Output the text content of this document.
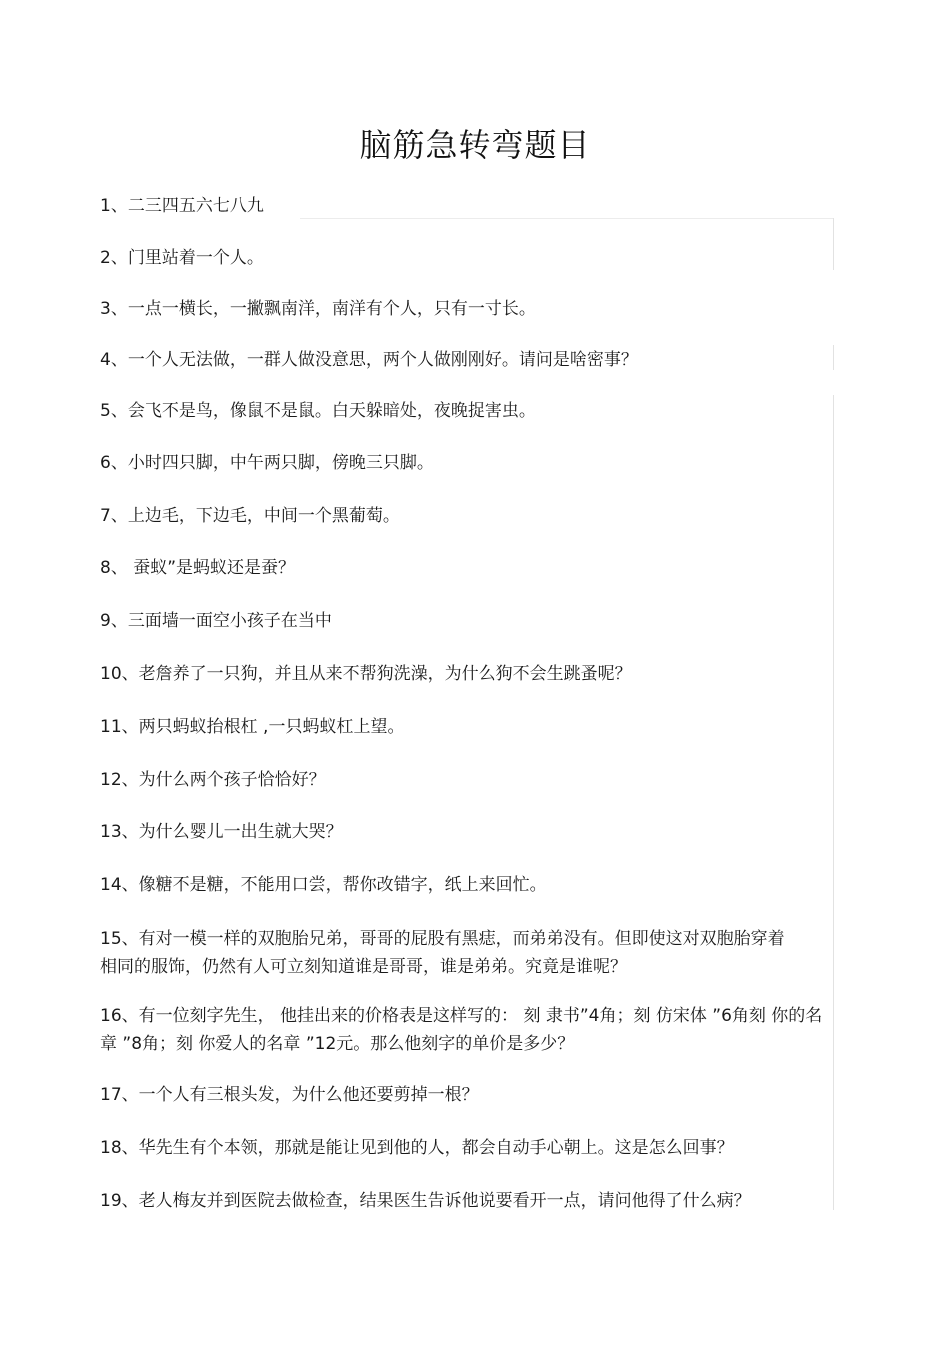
脑筋急转弯题目
1、二三四五六七八九
2、门里站着一个人。
3、一点一横长，一撇飘南洋，南洋有个人，只有一寸长。
4、一个人无法做，一群人做没意思，两个人做刚刚好。请问是啥密事？
5、会飞不是鸟，像鼠不是鼠。白天躲暗处，夜晚捉害虫。
6、小时四只脚，中午两只脚，傍晚三只脚。
7、上边毛，下边毛，中间一个黑葡萄。
8、 蚕蚁”是蚂蚁还是蚕？
9、三面墙一面空小孩子在当中
10、老詹养了一只狗，并且从来不帮狗洗澡，为什么狗不会生跳蚤呢？
11、两只蚂蚁抬根杠 ,一只蚂蚁杠上望。
12、为什么两个孩子恰恰好？
13、为什么婴儿一出生就大哭？
14、像糖不是糖，不能用口尝，帮你改错字，纸上来回忙。
15、有对一模一样的双胞胎兄弟，哥哥的屁股有黑痣，而弟弟没有。但即使这对双胞胎穿着相同的服饰，仍然有人可立刻知道谁是哥哥，谁是弟弟。究竟是谁呢？
16、有一位刻字先生， 他挂出来的价格表是这样写的： 刻 隶书”4角；刻 仿宋体 ”6角刻 你的名章 ”8角；刻 你爱人的名章 ”12元。那么他刻字的单价是多少？
17、一个人有三根头发，为什么他还要剪掉一根？
18、华先生有个本领，那就是能让见到他的人，都会自动手心朝上。这是怎么回事？
19、老人梅友并到医院去做检查，结果医生告诉他说要看开一点，请问他得了什么病？
